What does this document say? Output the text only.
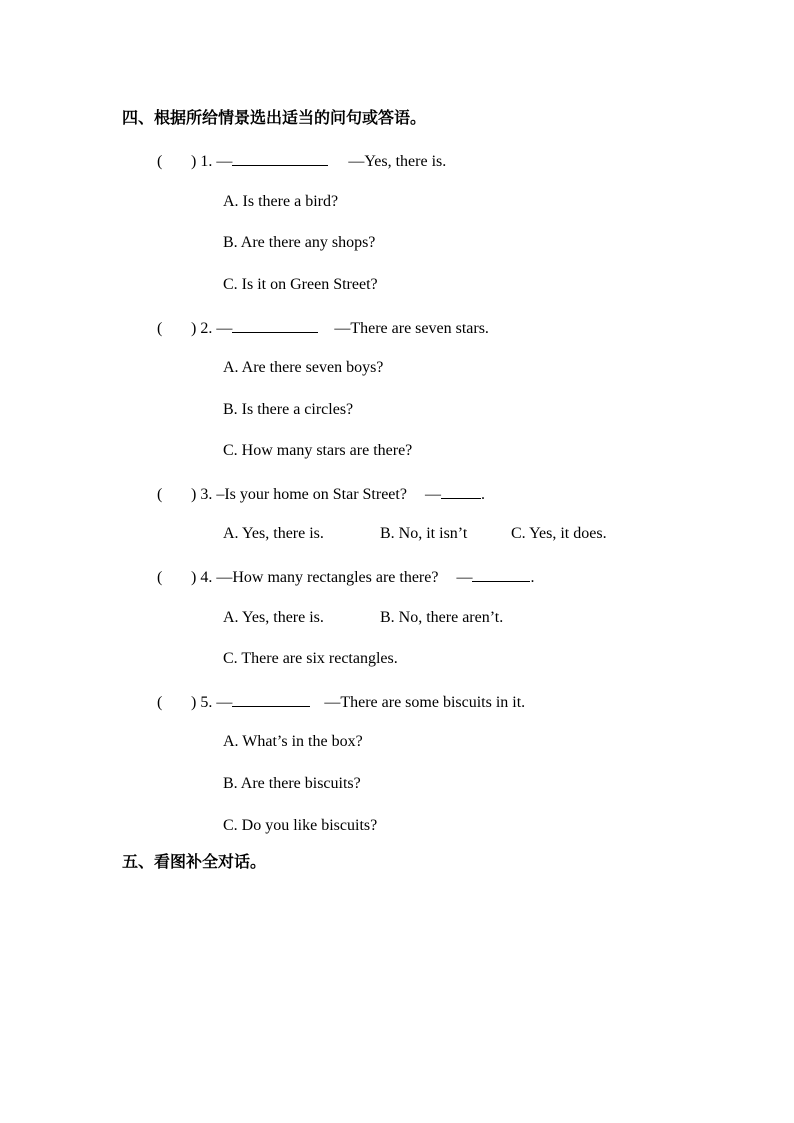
四、根据所给情景选出适当的问句或答语。
( ) 1. —	—Yes, there is.
A. Is there a bird?
B. Are there any shops?
C. Is it on Green Street?
( ) 2. —	—There are seven stars.
A. Are there seven boys?
B. Is there a circles?
C. How many stars are there?
( ) 3. –Is your home on Star Street? —	.
A. Yes, there is.	B. No, it isn’t	C. Yes, it does.
( ) 4. —How many rectangles are there? —	.
A. Yes, there is.	B. No, there aren’t.
C. There are six rectangles.
( ) 5. —	—There are some biscuits in it.
A. What’s in the box?
B. Are there biscuits?
C. Do you like biscuits?
五、看图补全对话。
